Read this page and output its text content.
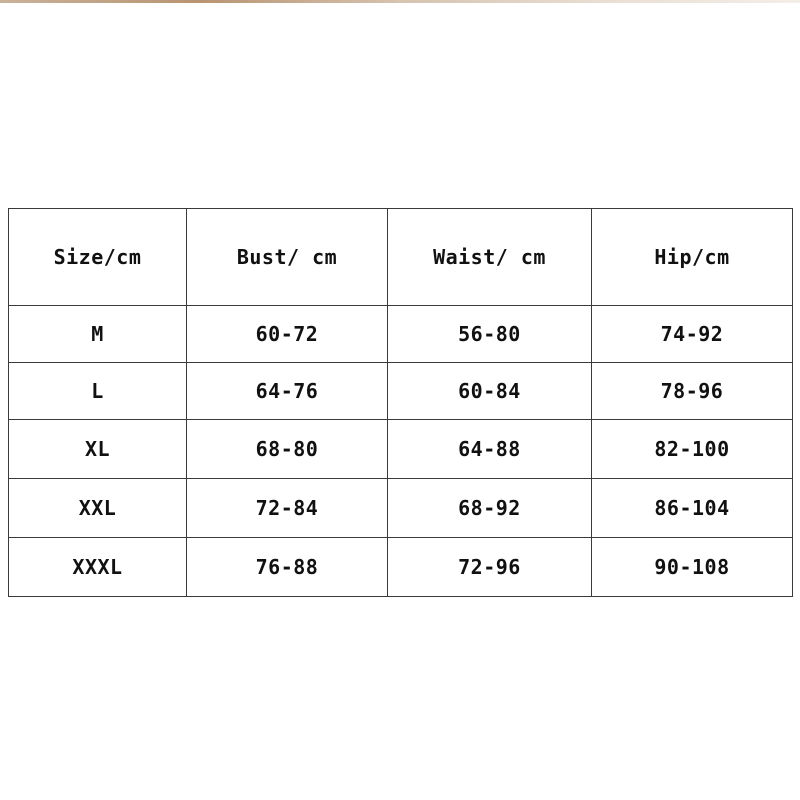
Size/cm	Bust/ cm	Waist/ cm	Hip/cm
M	60-72	56-80	74-92
L	64-76	60-84	78-96
XL	68-80	64-88	82-100
XXL	72-84	68-92	86-104
XXXL	76-88	72-96	90-108
